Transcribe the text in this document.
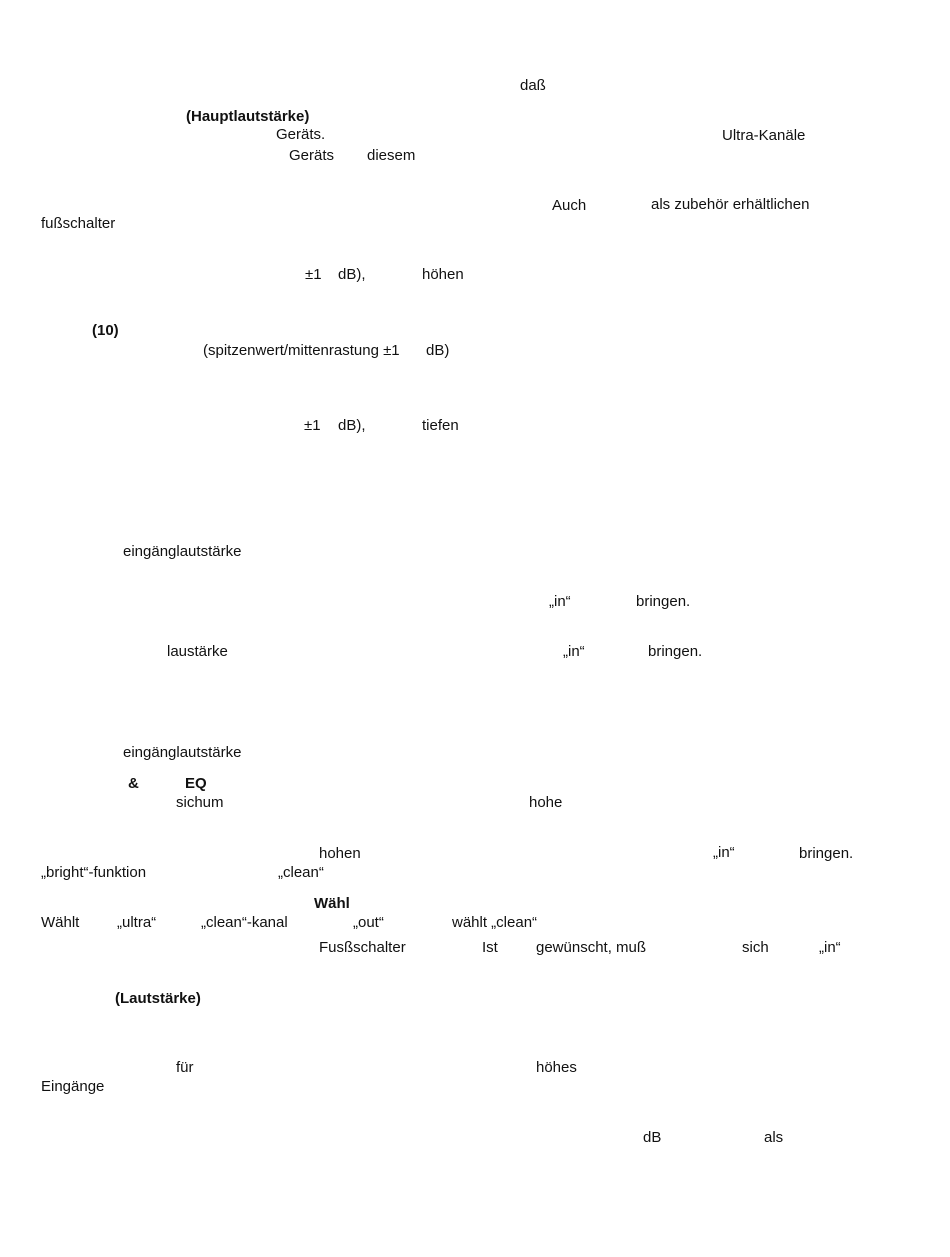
daß
(Hauptlautstärke)
Geräts.	Ultra-Kanäle
Geräts diesem
Auch	als zubehör erhältlichen
fußschalter
±1 dB),	höhen
(10)
(spitzenwert/mittenrastung ±1 dB)
±1 dB),	tiefen
eingänglautstärke
„in“	bringen.
laustärke	„in“	bringen.
eingänglautstärke
&	EQ
sichum	hohe
hohen	„in“	bringen.
„bright“-funktion	„clean“
Wähl
Wählt	„ultra“	„clean“-kanal	„out“	wählt „clean“
Fusßschalter	Ist	gewünscht, muß	sich	„in“
(Lautstärke)
für	höhes
Eingänge
dB	als
